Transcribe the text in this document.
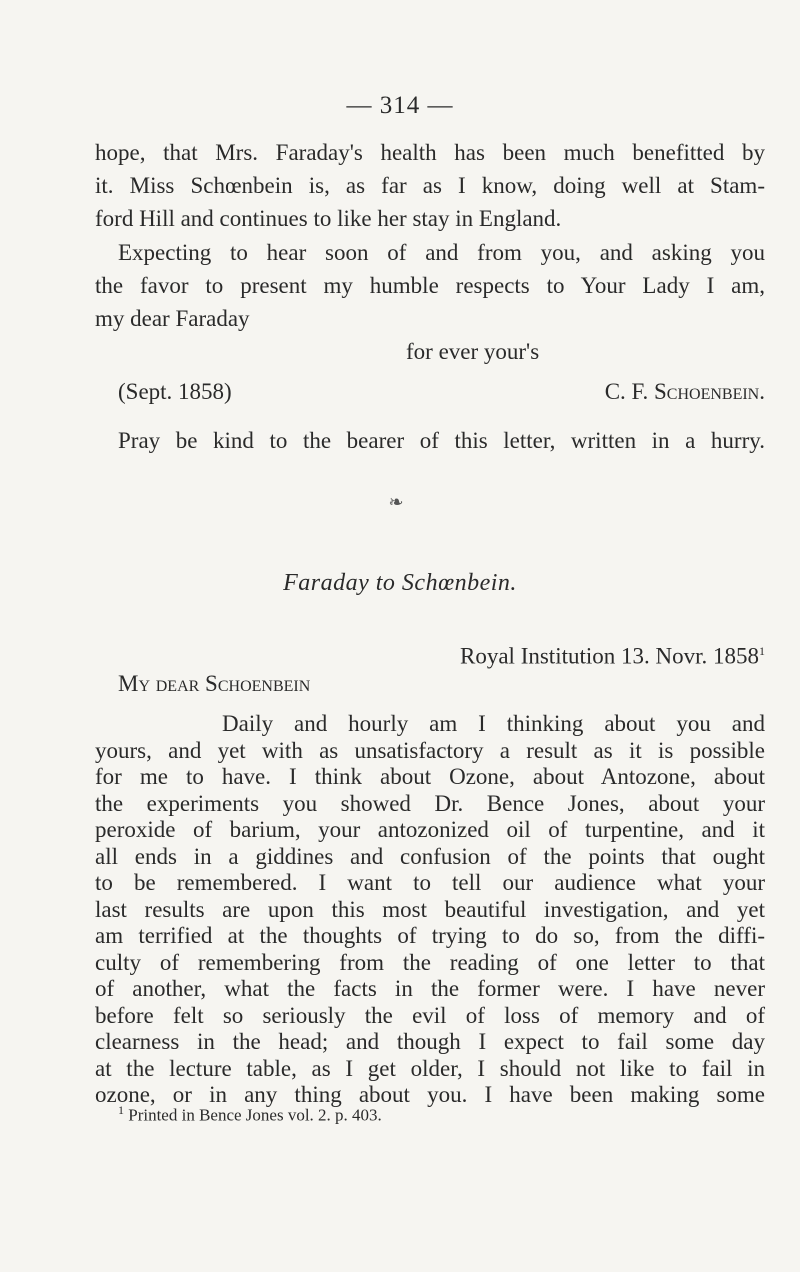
— 314 —
hope, that Mrs. Faraday's health has been much benefitted by
it. Miss Schœnbein is, as far as I know, doing well at Stam-
ford Hill and continues to like her stay in England.
Expecting to hear soon of and from you, and asking you
the favor to present my humble respects to Your Lady I am,
my dear Faraday
for ever your's
(Sept. 1858)	C. F. Schoenbein.
Pray be kind to the bearer of this letter, written in a hurry.
❧
Faraday to Schœnbein.
Royal Institution 13. Novr. 1858$^1$
My dear Schoenbein
Daily and hourly am I thinking about you and
yours, and yet with as unsatisfactory a result as it is possible
for me to have. I think about Ozone, about Antozone, about
the experiments you showed Dr. Bence Jones, about your
peroxide of barium, your antozonized oil of turpentine, and it
all ends in a giddines and confusion of the points that ought
to be remembered. I want to tell our audience what your
last results are upon this most beautiful investigation, and yet
am terrified at the thoughts of trying to do so, from the diffi-
culty of remembering from the reading of one letter to that
of another, what the facts in the former were. I have never
before felt so seriously the evil of loss of memory and of
clearness in the head; and though I expect to fail some day
at the lecture table, as I get older, I should not like to fail in
ozone, or in any thing about you. I have been making some
$^1$ Printed in Bence Jones vol. 2. p. 403.
